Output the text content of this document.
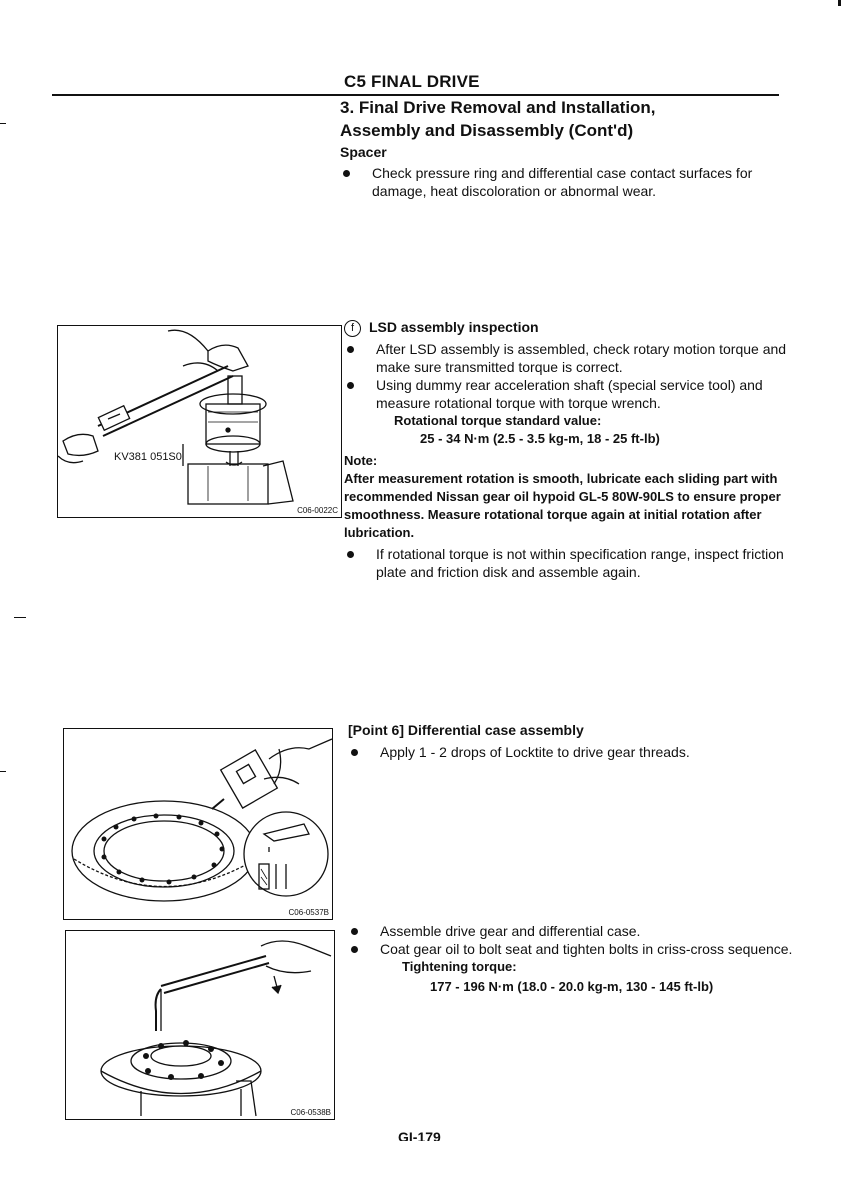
C5 FINAL DRIVE
3. Final Drive Removal and Installation,
Assembly and Disassembly (Cont'd)
Spacer
Check pressure ring and differential case contact surfaces for damage, heat discoloration or abnormal wear.
KV381 051S0
C06-0022C
f LSD assembly inspection
After LSD assembly is assembled, check rotary motion torque and make sure transmitted torque is correct.
Using dummy rear acceleration shaft (special service tool) and measure rotational torque with torque wrench.
Rotational torque standard value:
25 - 34 N·m (2.5 - 3.5 kg-m, 18 - 25 ft-lb)
Note:
After measurement rotation is smooth, lubricate each sliding part with recommended Nissan gear oil hypoid GL-5 80W-90LS to ensure proper smoothness. Measure rotational torque again at initial rotation after lubrication.
If rotational torque is not within specification range, inspect friction plate and friction disk and assemble again.
C06-0537B
C06-0538B
[Point 6] Differential case assembly
Apply 1 - 2 drops of Locktite to drive gear threads.
Assemble drive gear and differential case.
Coat gear oil to bolt seat and tighten bolts in criss-cross sequence.
Tightening torque:
177 - 196 N·m (18.0 - 20.0 kg-m, 130 - 145 ft-lb)
GI-179
